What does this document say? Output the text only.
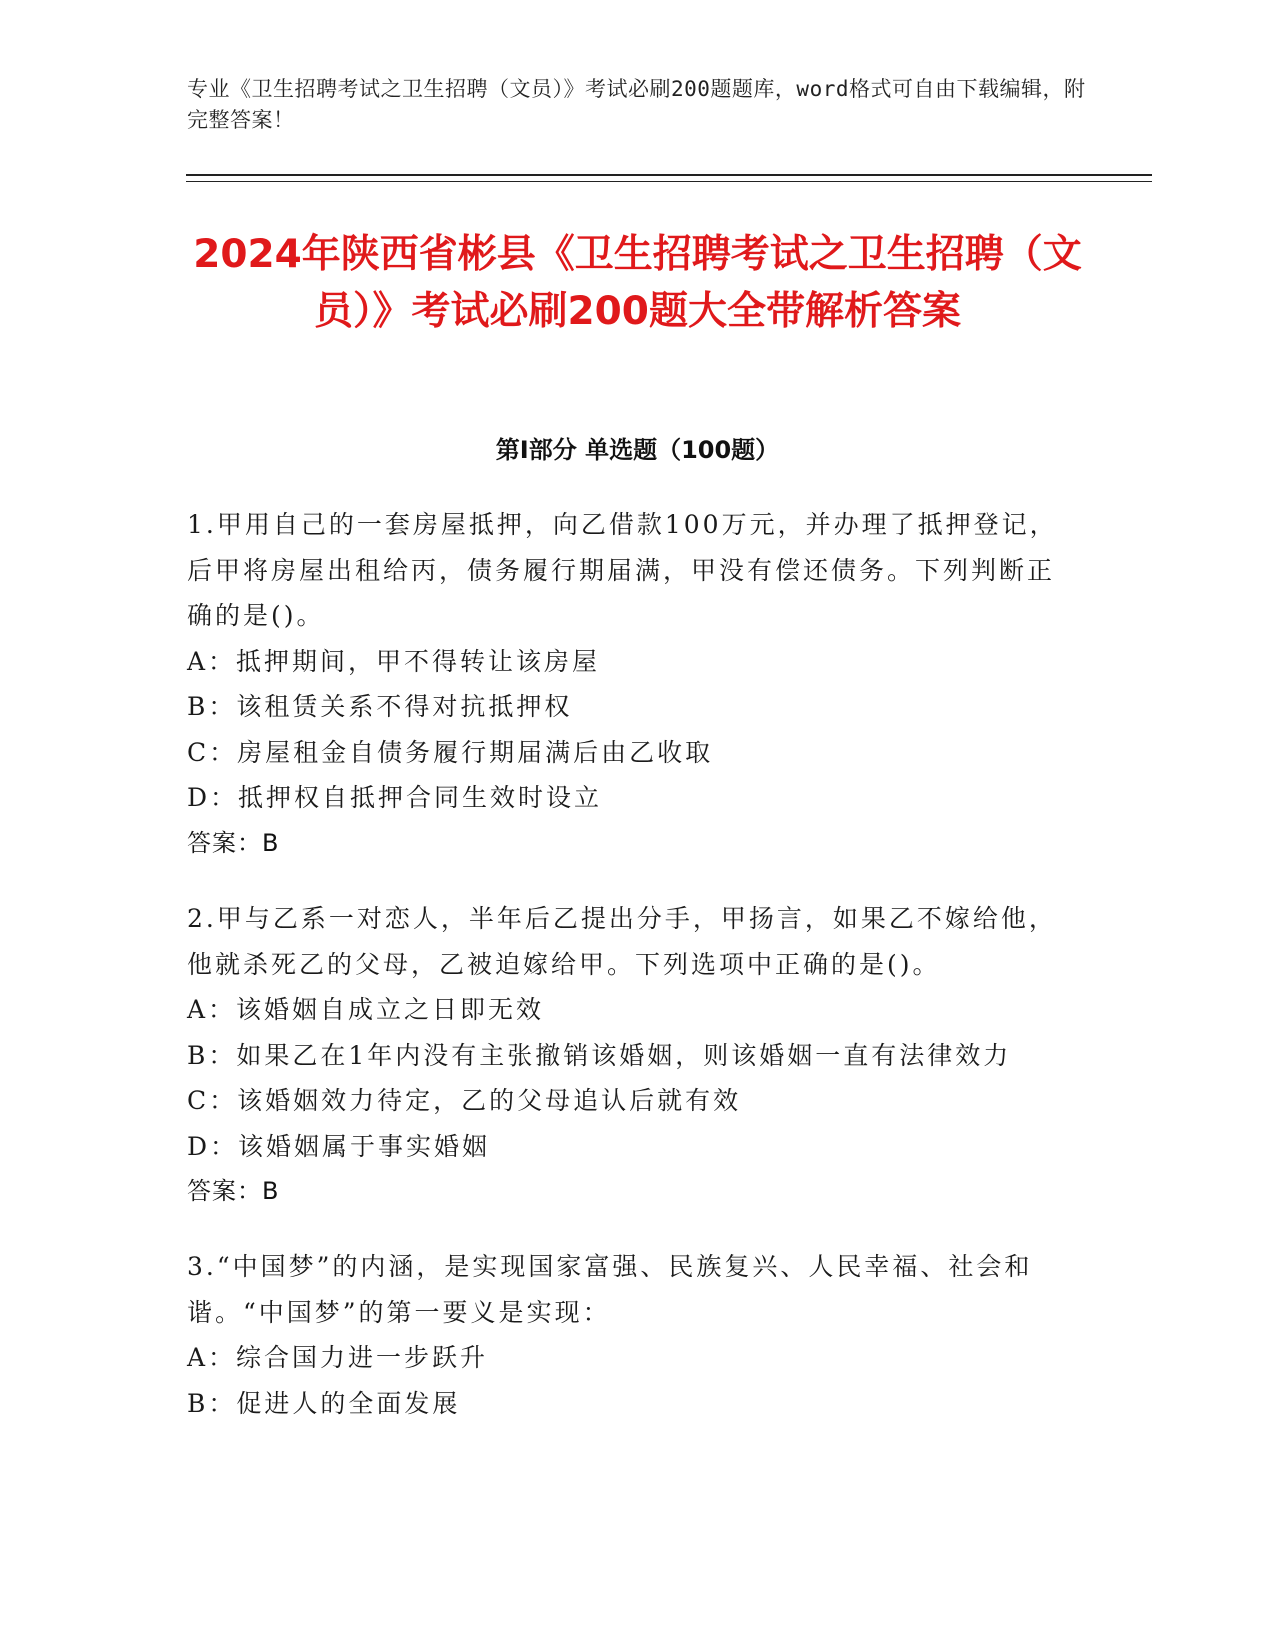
专业《卫生招聘考试之卫生招聘（文员）》考试必刷200题题库，word格式可自由下载编辑，附完整答案！
2024年陕西省彬县《卫生招聘考试之卫生招聘（文员）》考试必刷200题大全带解析答案
第Ⅰ部分 单选题（100题）
1.甲用自己的一套房屋抵押，向乙借款100万元，并办理了抵押登记，后甲将房屋出租给丙，债务履行期届满，甲没有偿还债务。下列判断正确的是()。
A：抵押期间，甲不得转让该房屋
B：该租赁关系不得对抗抵押权
C：房屋租金自债务履行期届满后由乙收取
D：抵押权自抵押合同生效时设立
答案：B
2.甲与乙系一对恋人，半年后乙提出分手，甲扬言，如果乙不嫁给他，他就杀死乙的父母，乙被迫嫁给甲。下列选项中正确的是()。
A：该婚姻自成立之日即无效
B：如果乙在1年内没有主张撤销该婚姻，则该婚姻一直有法律效力
C：该婚姻效力待定，乙的父母追认后就有效
D：该婚姻属于事实婚姻
答案：B
3.“中国梦”的内涵，是实现国家富强、民族复兴、人民幸福、社会和谐。“中国梦”的第一要义是实现：
A：综合国力进一步跃升
B：促进人的全面发展
